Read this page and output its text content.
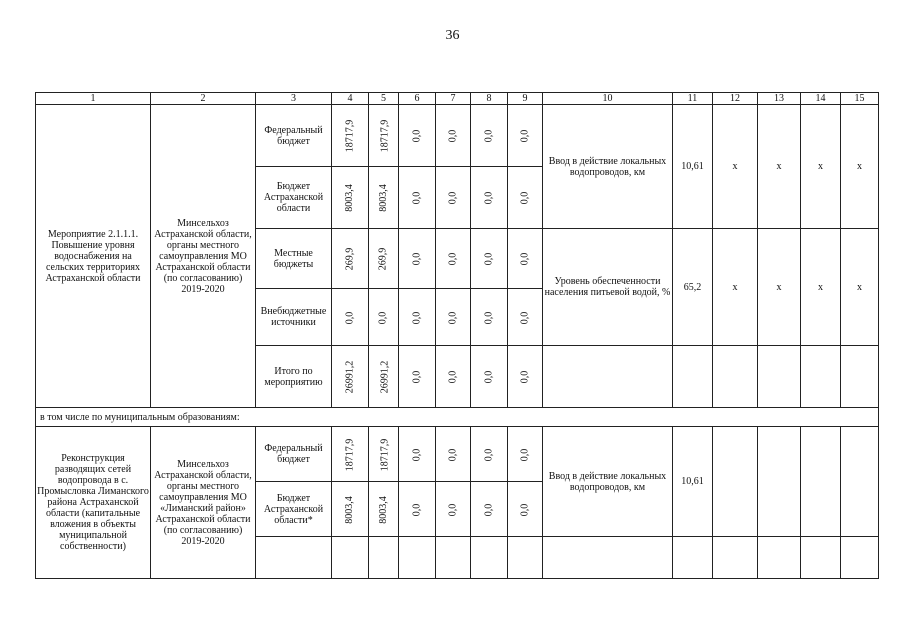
36
1	2	3	4	5	6	7	8	9	10	11	12	13	14	15
Мероприятие 2.1.1.1. Повышение уровня водоснабжения на сельских территориях Астраханской области	Минсельхоз Астраханской области, органы местного самоуправления МО Астраханской области (по согласованию) 2019-2020	Федеральный бюджет	18717,9	18717,9	0,0	0,0	0,0	0,0	Ввод в действие локальных водопроводов, км	10,61	х	х	х	х
		Бюджет Астраханской области	8003,4	8003,4	0,0	0,0	0,0	0,0						
		Местные бюджеты	269,9	269,9	0,0	0,0	0,0	0,0	Уровень обеспеченности населения питьевой водой, %	65,2	х	х	х	х
		Внебюджетные источники	0,0	0,0	0,0	0,0	0,0	0,0						
		Итого по мероприятию	26991,2	26991,2	0,0	0,0	0,0	0,0						
в том числе по муниципальным образованиям:														
Реконструкция разводящих сетей водопровода в с. Промысловка Лиманского района Астраханской области (капитальные вложения в объекты муниципальной собственности)	Минсельхоз Астраханской области, органы местного самоуправления МО «Лиманский район» Астраханской области (по согласованию) 2019-2020	Федеральный бюджет	18717,9	18717,9	0,0	0,0	0,0	0,0	Ввод в действие локальных водопроводов, км	10,61				
		Бюджет Астраханской области*	8003,4	8003,4	0,0	0,0	0,0	0,0						
